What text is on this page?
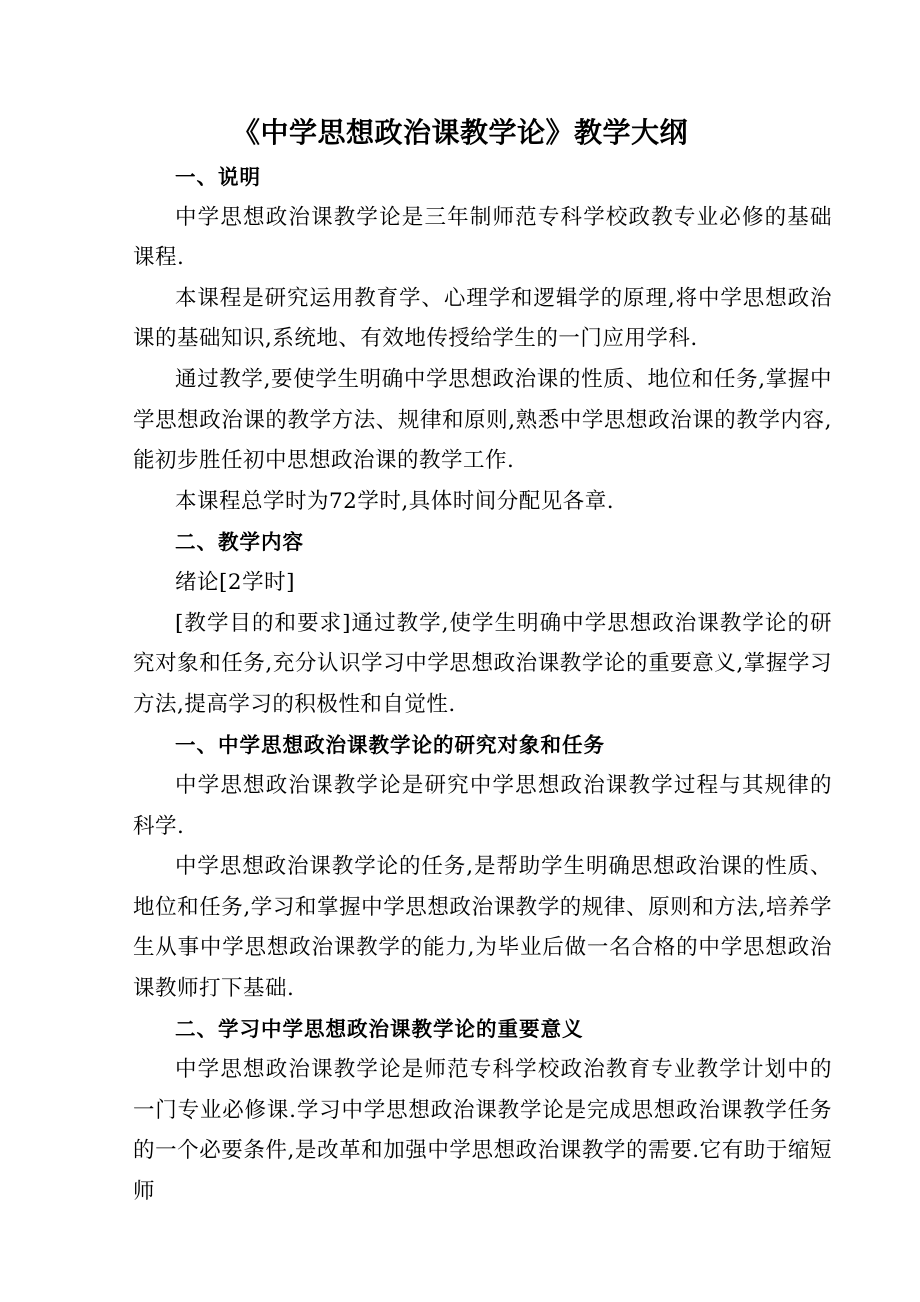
《中学思想政治课教学论》教学大纲

一、说明

中学思想政治课教学论是三年制师范专科学校政教专业必修的基础课程.

本课程是研究运用教育学、心理学和逻辑学的原理,将中学思想政治课的基础知识,系统地、有效地传授给学生的一门应用学科.

通过教学,要使学生明确中学思想政治课的性质、地位和任务,掌握中学思想政治课的教学方法、规律和原则,熟悉中学思想政治课的教学内容,能初步胜任初中思想政治课的教学工作.

本课程总学时为72学时,具体时间分配见各章.

二、教学内容

绪论[2学时]

[教学目的和要求]通过教学,使学生明确中学思想政治课教学论的研究对象和任务,充分认识学习中学思想政治课教学论的重要意义,掌握学习方法,提高学习的积极性和自觉性.

一、中学思想政治课教学论的研究对象和任务

中学思想政治课教学论是研究中学思想政治课教学过程与其规律的科学.

中学思想政治课教学论的任务,是帮助学生明确思想政治课的性质、地位和任务,学习和掌握中学思想政治课教学的规律、原则和方法,培养学生从事中学思想政治课教学的能力,为毕业后做一名合格的中学思想政治课教师打下基础.

二、学习中学思想政治课教学论的重要意义

中学思想政治课教学论是师范专科学校政治教育专业教学计划中的一门专业必修课.学习中学思想政治课教学论是完成思想政治课教学任务的一个必要条件,是改革和加强中学思想政治课教学的需要.它有助于缩短师
